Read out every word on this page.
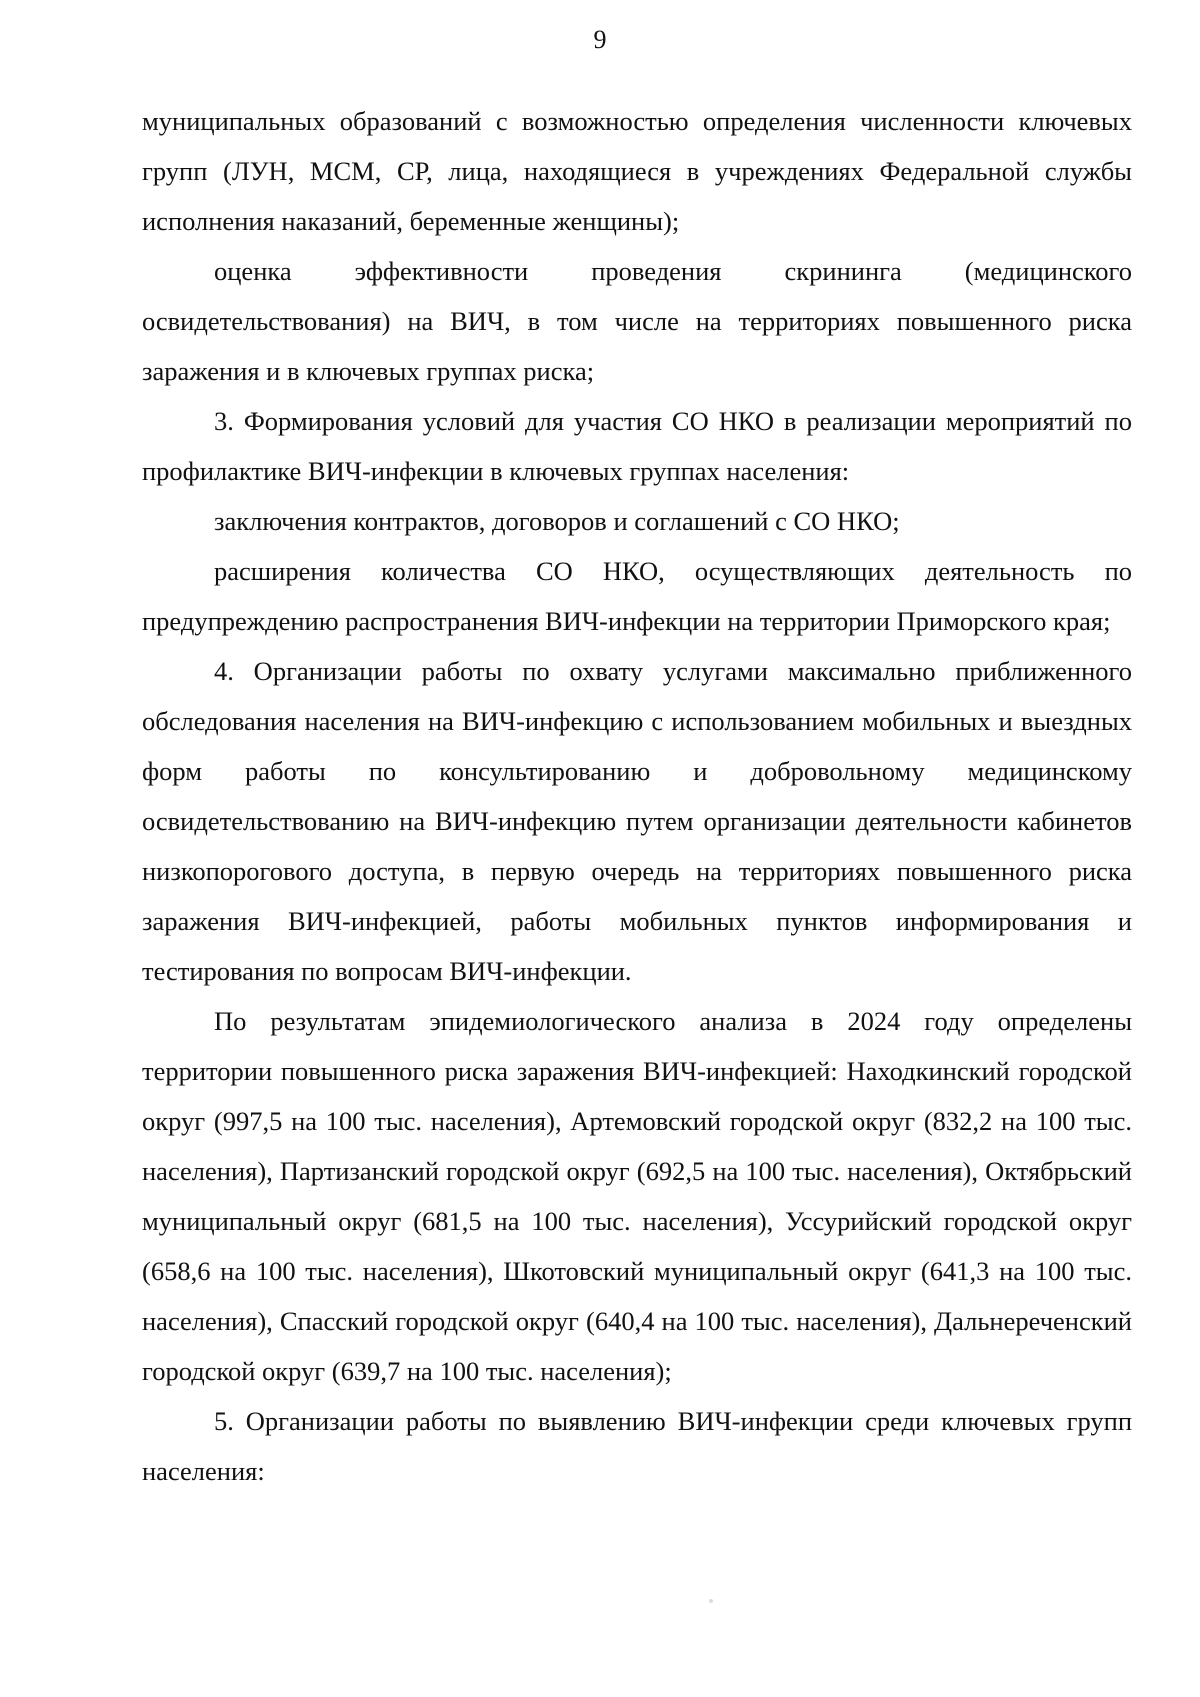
9

муниципальных образований с возможностью определения численности ключевых групп (ЛУН, МСМ, СР, лица, находящиеся в учреждениях Федеральной службы исполнения наказаний, беременные женщины);

оценка эффективности проведения скрининга (медицинского освидетельствования) на ВИЧ, в том числе на территориях повышенного риска заражения и в ключевых группах риска;

3. Формирования условий для участия СО НКО в реализации мероприятий по профилактике ВИЧ-инфекции в ключевых группах населения:

заключения контрактов, договоров и соглашений с СО НКО;

расширения количества СО НКО, осуществляющих деятельность по предупреждению распространения ВИЧ-инфекции на территории Приморского края;

4. Организации работы по охвату услугами максимально приближенного обследования населения на ВИЧ-инфекцию с использованием мобильных и выездных форм работы по консультированию и добровольному медицинскому освидетельствованию на ВИЧ-инфекцию путем организации деятельности кабинетов низкопорогового доступа, в первую очередь на территориях повышенного риска заражения ВИЧ-инфекцией, работы мобильных пунктов информирования и тестирования по вопросам ВИЧ-инфекции.

По результатам эпидемиологического анализа в 2024 году определены территории повышенного риска заражения ВИЧ-инфекцией: Находкинский городской округ (997,5 на 100 тыс. населения), Артемовский городской округ (832,2 на 100 тыс. населения), Партизанский городской округ (692,5 на 100 тыс. населения), Октябрьский муниципальный округ (681,5 на 100 тыс. населения), Уссурийский городской округ (658,6 на 100 тыс. населения), Шкотовский муниципальный округ (641,3 на 100 тыс. населения), Спасский городской округ (640,4 на 100 тыс. населения), Дальнереченский городской округ (639,7 на 100 тыс. населения);

5. Организации работы по выявлению ВИЧ-инфекции среди ключевых групп населения:
